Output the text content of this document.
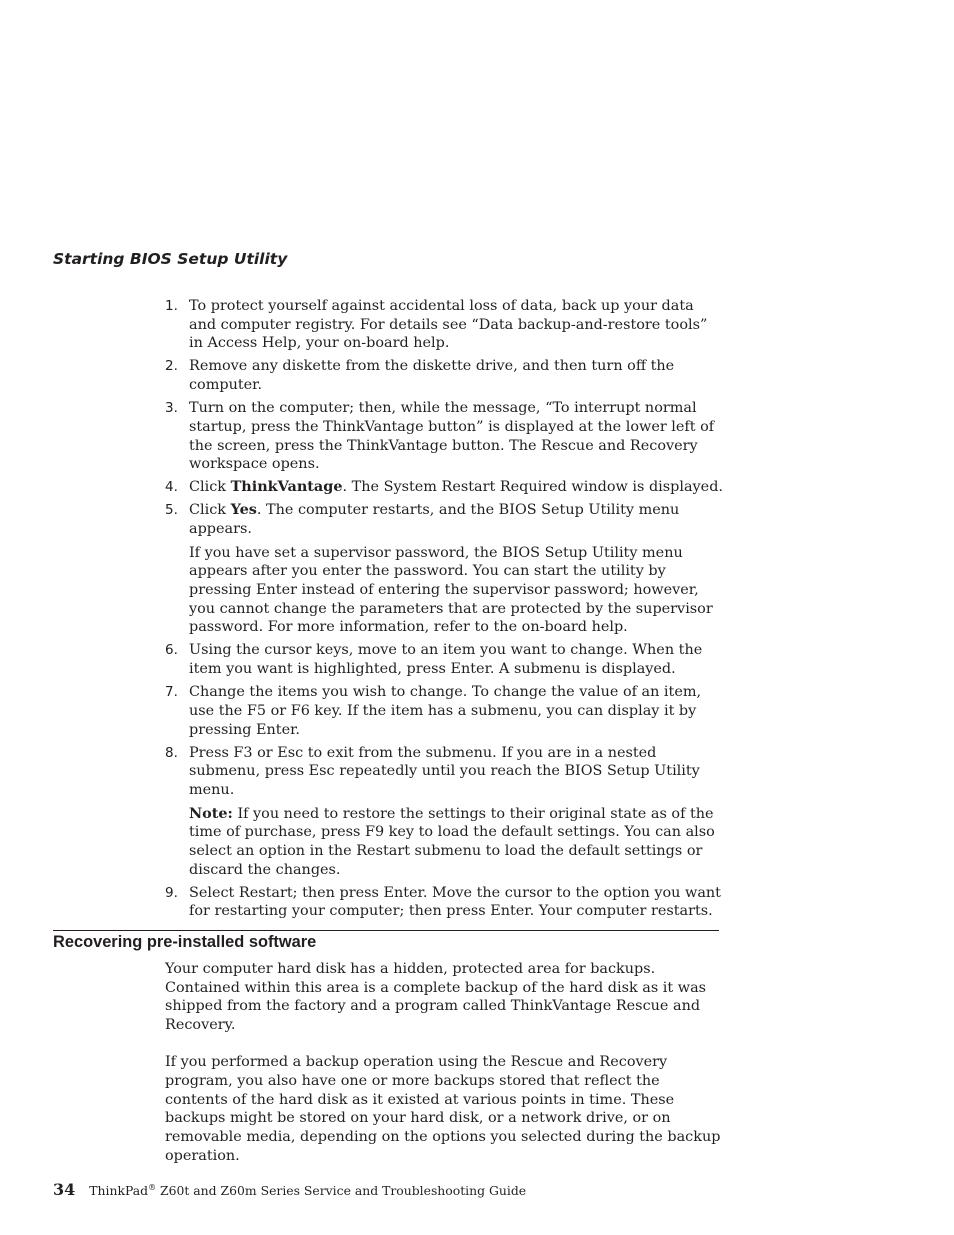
Starting BIOS Setup Utility
1. To protect yourself against accidental loss of data, back up your data and computer registry. For details see “Data backup-and-restore tools” in Access Help, your on-board help.
2. Remove any diskette from the diskette drive, and then turn off the computer.
3. Turn on the computer; then, while the message, “To interrupt normal startup, press the ThinkVantage button” is displayed at the lower left of the screen, press the ThinkVantage button. The Rescue and Recovery workspace opens.
4. Click ThinkVantage. The System Restart Required window is displayed.
5. Click Yes. The computer restarts, and the BIOS Setup Utility menu appears.

If you have set a supervisor password, the BIOS Setup Utility menu appears after you enter the password. You can start the utility by pressing Enter instead of entering the supervisor password; however, you cannot change the parameters that are protected by the supervisor password. For more information, refer to the on-board help.

6. Using the cursor keys, move to an item you want to change. When the item you want is highlighted, press Enter. A submenu is displayed.
7. Change the items you wish to change. To change the value of an item, use the F5 or F6 key. If the item has a submenu, you can display it by pressing Enter.
8. Press F3 or Esc to exit from the submenu. If you are in a nested submenu, press Esc repeatedly until you reach the BIOS Setup Utility menu.

Note: If you need to restore the settings to their original state as of the time of purchase, press F9 key to load the default settings. You can also select an option in the Restart submenu to load the default settings or discard the changes.

9. Select Restart; then press Enter. Move the cursor to the option you want for restarting your computer; then press Enter. Your computer restarts.
Recovering pre-installed software

Your computer hard disk has a hidden, protected area for backups. Contained within this area is a complete backup of the hard disk as it was shipped from the factory and a program called ThinkVantage Rescue and Recovery.

If you performed a backup operation using the Rescue and Recovery program, you also have one or more backups stored that reflect the contents of the hard disk as it existed at various points in time. These backups might be stored on your hard disk, or a network drive, or on removable media, depending on the options you selected during the backup operation.

34 ThinkPad® Z60t and Z60m Series Service and Troubleshooting Guide
